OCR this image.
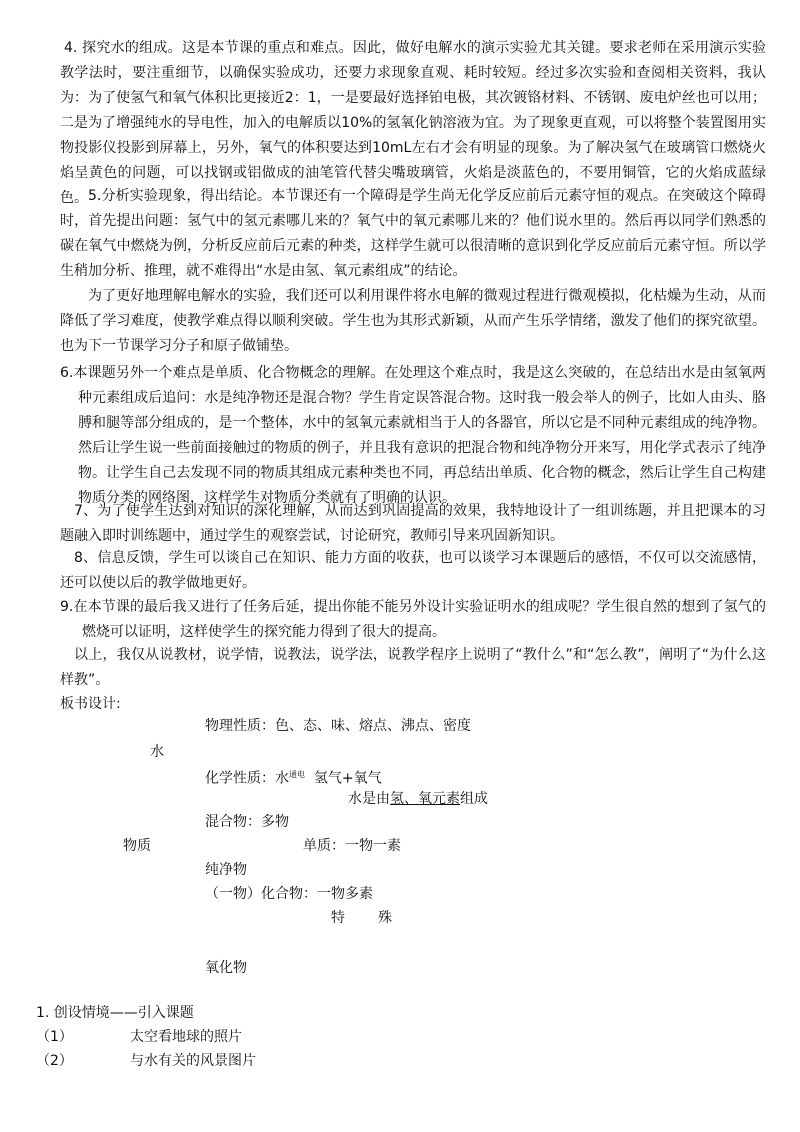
4. 探究水的组成。这是本节课的重点和难点。因此，做好电解水的演示实验尤其关键。要求老师在采用演示实验教学法时，要注重细节，以确保实验成功，还要力求现象直观、耗时较短。经过多次实验和查阅相关资料，我认为：为了使氢气和氧气体积比更接近2：1，一是要最好选择铂电极，其次镀铬材料、不锈钢、废电炉丝也可以用；二是为了增强纯水的导电性，加入的电解质以10%的氢氧化钠溶液为宜。为了现象更直观，可以将整个装置图用实物投影仪投影到屏幕上，另外，氧气的体积要达到10mL左右才会有明显的现象。为了解决氢气在玻璃管口燃烧火焰呈黄色的问题，可以找钢或铝做成的油笔管代替尖嘴玻璃管，火焰是淡蓝色的，不要用铜管，它的火焰成蓝绿色。 5.分析实验现象，得出结论。本节课还有一个障碍是学生尚无化学反应前后元素守恒的观点。在突破这个障碍时，首先提出问题：氢气中的氢元素哪儿来的？氧气中的氧元素哪儿来的？他们说水里的。然后再以同学们熟悉的碳在氧气中燃烧为例，分析反应前后元素的种类，这样学生就可以很清晰的意识到化学反应前后元素守恒。所以学生稍加分析、推理，就不难得出“水是由氢、氧元素组成”的结论。

为了更好地理解电解水的实验，我们还可以利用课件将水电解的微观过程进行微观模拟，化枯燥为生动，从而降低了学习难度，使教学难点得以顺利突破。学生也为其形式新颖，从而产生乐学情绪，激发了他们的探究欲望。也为下一节课学习分子和原子做铺垫。

6.本课题另外一个难点是单质、化合物概念的理解。在处理这个难点时，我是这么突破的，在总结出水是由氢氧两种元素组成后追问：水是纯净物还是混合物？学生肯定误答混合物。这时我一般会举人的例子，比如人由头、胳膊和腿等部分组成的，是一个整体，水中的氢氧元素就相当于人的各器官，所以它是不同种元素组成的纯净物。然后让学生说一些前面接触过的物质的例子，并且我有意识的把混合物和纯净物分开来写，用化学式表示了纯净物。让学生自己去发现不同的物质其组成元素种类也不同，再总结出单质、化合物的概念，然后让学生自己构建物质分类的网络图，这样学生对物质分类就有了明确的认识。

7、为了使学生达到对知识的深化理解，从而达到巩固提高的效果，我特地设计了一组训练题，并且把课本的习题融入即时训练题中，通过学生的观察尝试，讨论研究，教师引导来巩固新知识。

8、信息反馈，学生可以谈自己在知识、能力方面的收获，也可以谈学习本课题后的感悟，不仅可以交流感情，还可以使以后的教学做地更好。

9.在本节课的最后我又进行了任务后延，提出你能不能另外设计实验证明水的组成呢？学生很自然的想到了氢气的燃烧可以证明，这样使学生的探究能力得到了很大的提高。

以上，我仅从说教材，说学情，说教法，说学法，说教学程序上说明了“教什么”和“怎么教”，阐明了“为什么这样教”。

板书设计:
物理性质：色、态、味、熔点、沸点、密度
水
化学性质：水$^{通电}$ 氢气+氧气
水是由氢、氧元素组成
混合物：多物
物质	单质：一物一素
纯净物
（一物）化合物：一物多素
特 殊
氧化物
1. 创设情境——引入课题
（1）	太空看地球的照片
（2）	与水有关的风景图片
